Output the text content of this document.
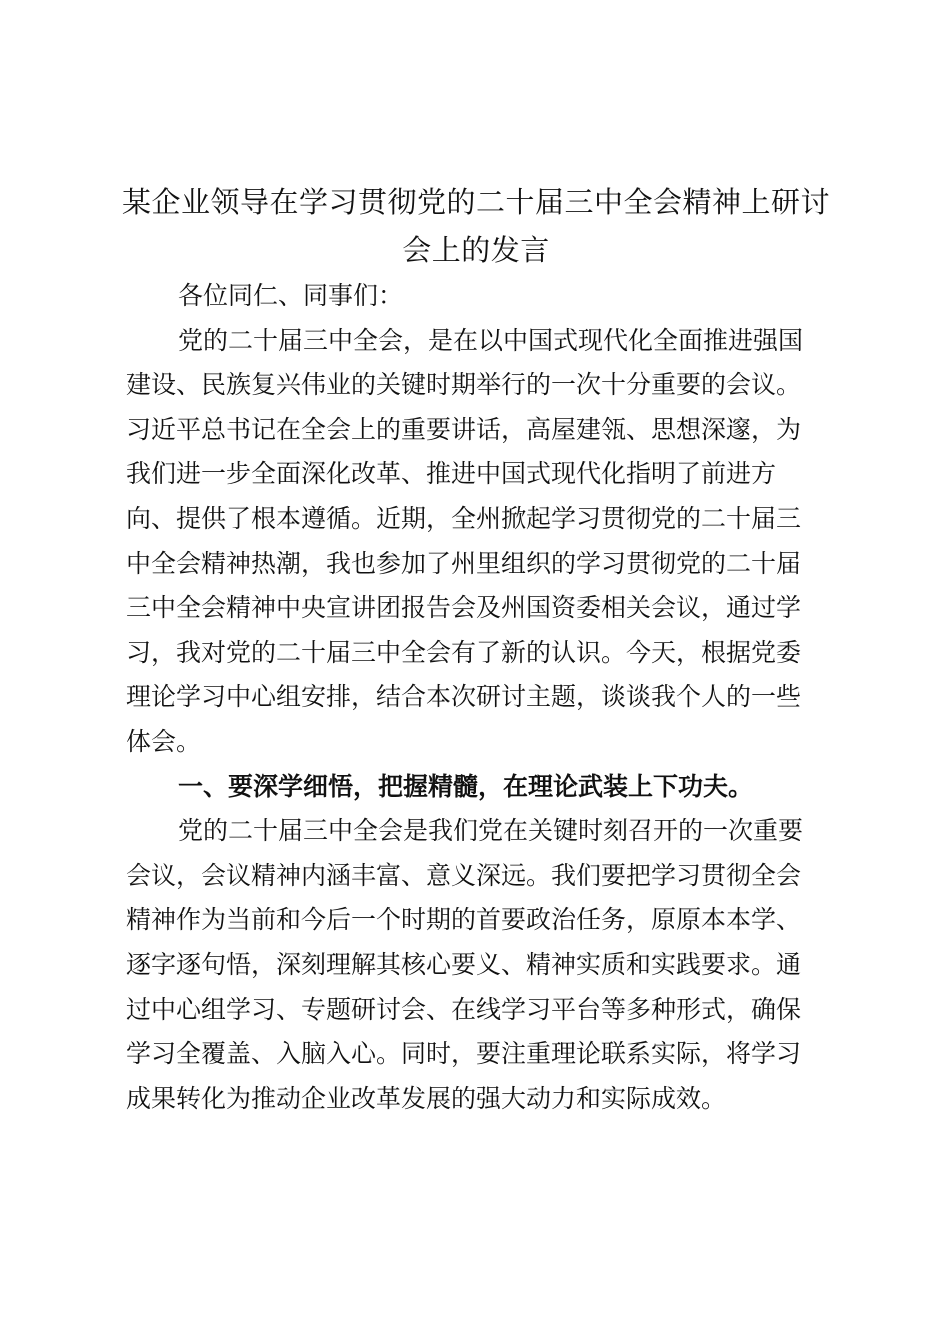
某企业领导在学习贯彻党的二十届三中全会精神上研讨
会上的发言
各位同仁、同事们：
党的二十届三中全会，是在以中国式现代化全面推进强国
建设、民族复兴伟业的关键时期举行的一次十分重要的会议。
习近平总书记在全会上的重要讲话，高屋建瓴、思想深邃，为
我们进一步全面深化改革、推进中国式现代化指明了前进方
向、提供了根本遵循。近期，全州掀起学习贯彻党的二十届三
中全会精神热潮，我也参加了州里组织的学习贯彻党的二十届
三中全会精神中央宣讲团报告会及州国资委相关会议，通过学
习，我对党的二十届三中全会有了新的认识。今天，根据党委
理论学习中心组安排，结合本次研讨主题，谈谈我个人的一些
体会。
一、要深学细悟，把握精髓，在理论武装上下功夫。
党的二十届三中全会是我们党在关键时刻召开的一次重要
会议，会议精神内涵丰富、意义深远。我们要把学习贯彻全会
精神作为当前和今后一个时期的首要政治任务，原原本本学、
逐字逐句悟，深刻理解其核心要义、精神实质和实践要求。通
过中心组学习、专题研讨会、在线学习平台等多种形式，确保
学习全覆盖、入脑入心。同时，要注重理论联系实际，将学习
成果转化为推动企业改革发展的强大动力和实际成效。
